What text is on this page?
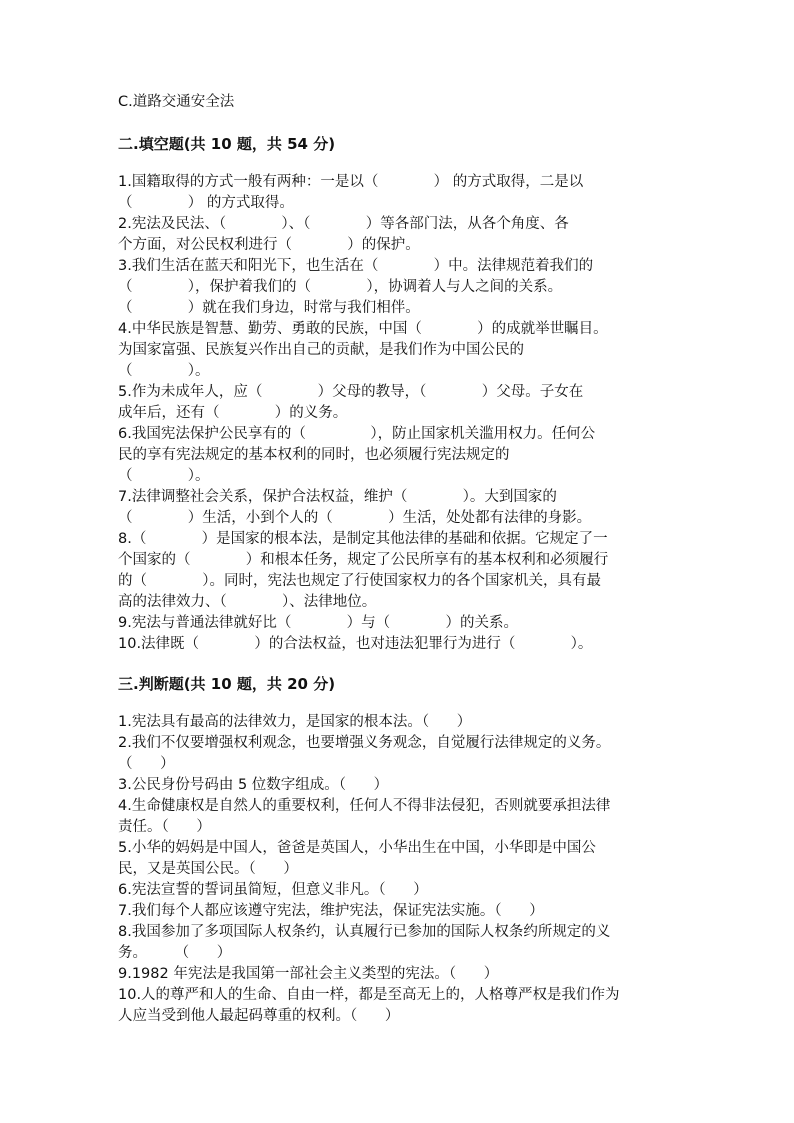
C.道路交通安全法
二.填空题(共 10 题，共 54 分)
1.国籍取得的方式一般有两种：一是以（            ） 的方式取得，二是以
（            ） 的方式取得。
2.宪法及民法、（            ）、（            ）等各部门法，从各个角度、各
个方面，对公民权利进行（            ）的保护。
3.我们生活在蓝天和阳光下，也生活在（            ）中。法律规范着我们的
（            ），保护着我们的（            ），协调着人与人之间的关系。
（            ）就在我们身边，时常与我们相伴。
4.中华民族是智慧、勤劳、勇敢的民族，中国（            ）的成就举世瞩目。
为国家富强、民族复兴作出自己的贡献，是我们作为中国公民的
（            ）。
5.作为未成年人，应（            ）父母的教导，（            ）父母。子女在
成年后，还有（            ）的义务。
6.我国宪法保护公民享有的（              ），防止国家机关滥用权力。任何公
民的享有宪法规定的基本权利的同时，也必须履行宪法规定的
（            ）。
7.法律调整社会关系，保护合法权益，维护（            ）。大到国家的
（            ）生活，小到个人的（            ）生活，处处都有法律的身影。
8.（            ）是国家的根本法，是制定其他法律的基础和依据。它规定了一
个国家的（            ）和根本任务，规定了公民所享有的基本权利和必须履行
的（            ）。同时，宪法也规定了行使国家权力的各个国家机关，具有最
高的法律效力、（            ）、法律地位。
9.宪法与普通法律就好比（            ）与（            ）的关系。
10.法律既（            ）的合法权益，也对违法犯罪行为进行（            ）。
三.判断题(共 10 题，共 20 分)
1.宪法具有最高的法律效力，是国家的根本法。（      ）
2.我们不仅要增强权利观念，也要增强义务观念，自觉履行法律规定的义务。
（      ）
3.公民身份号码由 5 位数字组成。（      ）
4.生命健康权是自然人的重要权利，任何人不得非法侵犯，否则就要承担法律
责任。（      ）
5.小华的妈妈是中国人，爸爸是英国人，小华出生在中国，小华即是中国公
民，又是英国公民。（      ）
6.宪法宣誓的誓词虽简短，但意义非凡。（      ）
7.我们每个人都应该遵守宪法，维护宪法，保证宪法实施。（      ）
8.我国参加了多项国际人权条约，认真履行已参加的国际人权条约所规定的义
务。      （      ）
9.1982 年宪法是我国第一部社会主义类型的宪法。（      ）
10.人的尊严和人的生命、自由一样，都是至高无上的，人格尊严权是我们作为
人应当受到他人最起码尊重的权利。（      ）
